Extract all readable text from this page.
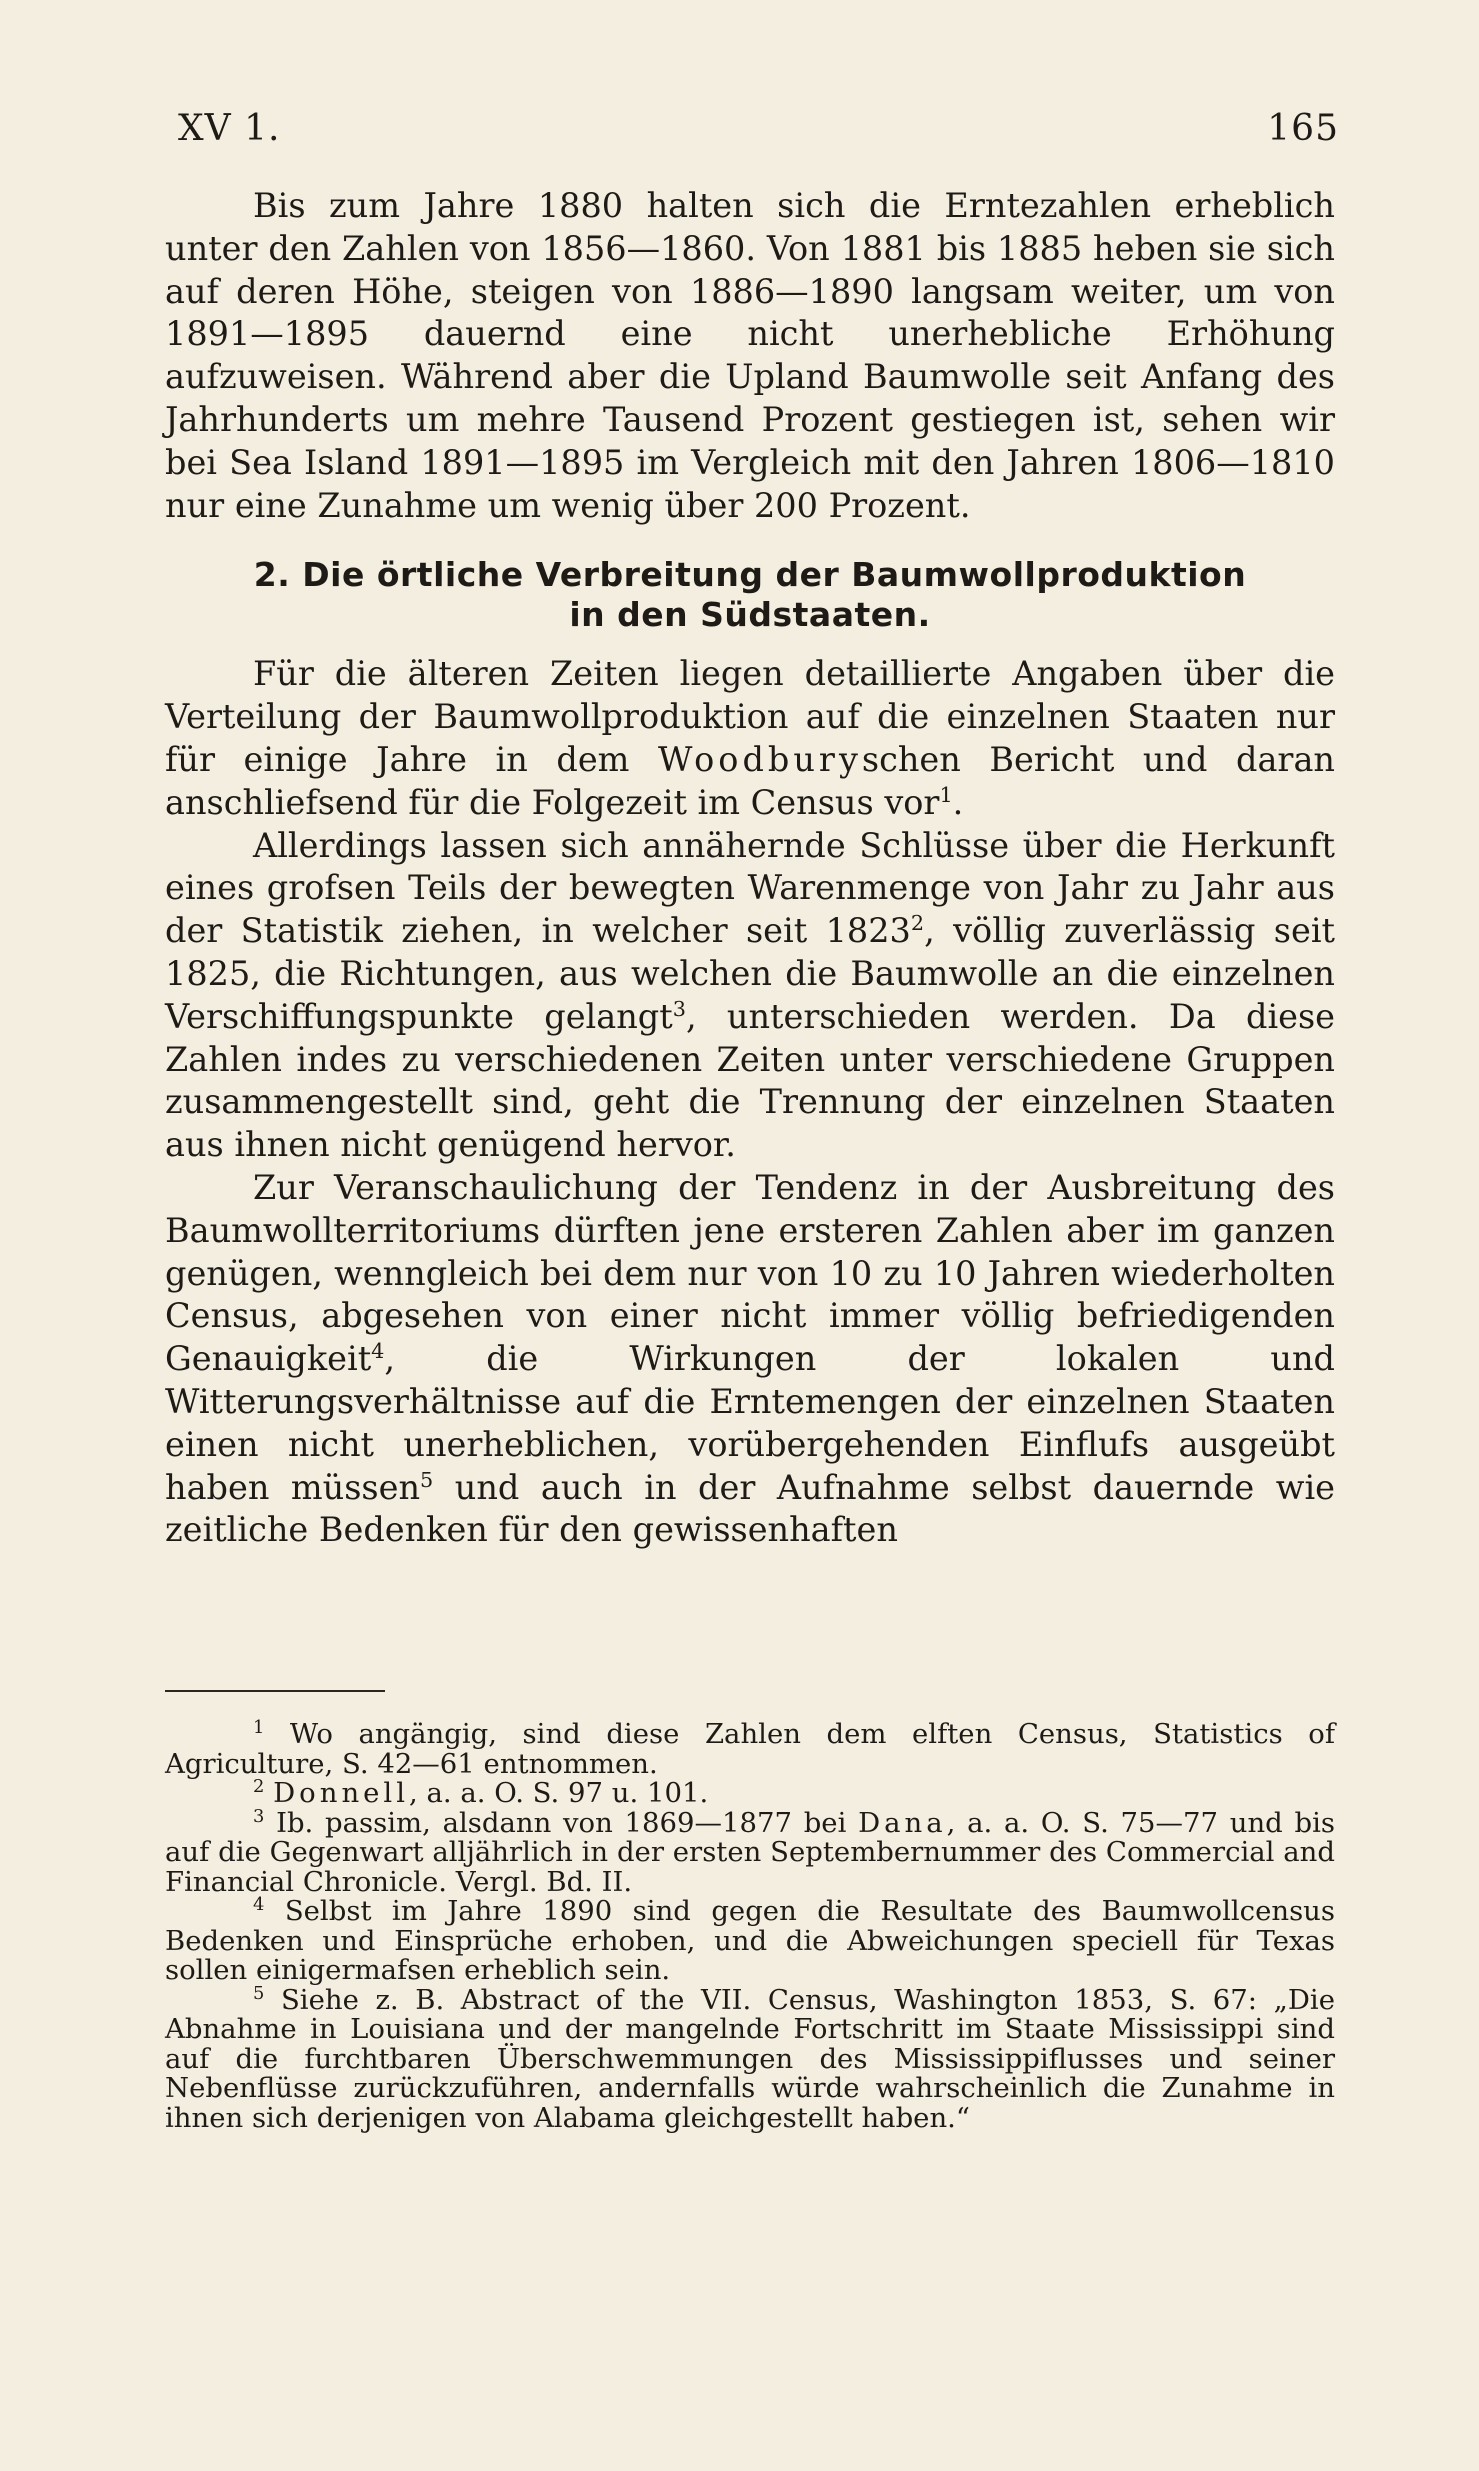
XV 1.	165

Bis zum Jahre 1880 halten sich die Erntezahlen erheblich unter den Zahlen von 1856—1860. Von 1881 bis 1885 heben sie sich auf deren Höhe, steigen von 1886—1890 langsam weiter, um von 1891—1895 dauernd eine nicht unerhebliche Erhöhung aufzuweisen. Während aber die Upland Baumwolle seit Anfang des Jahrhunderts um mehre Tausend Prozent gestiegen ist, sehen wir bei Sea Island 1891—1895 im Vergleich mit den Jahren 1806—1810 nur eine Zunahme um wenig über 200 Prozent.

2. Die örtliche Verbreitung der Baumwollproduktion
in den Südstaaten.

Für die älteren Zeiten liegen detaillierte Angaben über die Verteilung der Baumwollproduktion auf die einzelnen Staaten nur für einige Jahre in dem Woodburyschen Bericht und daran anschliefsend für die Folgezeit im Census vor$^1$.

Allerdings lassen sich annähernde Schlüsse über die Herkunft eines grofsen Teils der bewegten Warenmenge von Jahr zu Jahr aus der Statistik ziehen, in welcher seit 1823$^2$, völlig zuverlässig seit 1825, die Richtungen, aus welchen die Baumwolle an die einzelnen Verschiffungspunkte gelangt$^3$, unterschieden werden. Da diese Zahlen indes zu verschiedenen Zeiten unter verschiedene Gruppen zusammengestellt sind, geht die Trennung der einzelnen Staaten aus ihnen nicht genügend hervor.

Zur Veranschaulichung der Tendenz in der Ausbreitung des Baumwollterritoriums dürften jene ersteren Zahlen aber im ganzen genügen, wenngleich bei dem nur von 10 zu 10 Jahren wiederholten Census, abgesehen von einer nicht immer völlig befriedigenden Genauigkeit$^4$, die Wirkungen der lokalen und Witterungsverhältnisse auf die Erntemengen der einzelnen Staaten einen nicht unerheblichen, vorübergehenden Einflufs ausgeübt haben müssen$^5$ und auch in der Aufnahme selbst dauernde wie zeitliche Bedenken für den gewissenhaften

$^1$ Wo angängig, sind diese Zahlen dem elften Census, Statistics of Agriculture, S. 42—61 entnommen.

$^2$ Donnell, a. a. O. S. 97 u. 101.

$^3$ Ib. passim, alsdann von 1869—1877 bei Dana, a. a. O. S. 75—77 und bis auf die Gegenwart alljährlich in der ersten Septembernummer des Commercial and Financial Chronicle. Vergl. Bd. II.

$^4$ Selbst im Jahre 1890 sind gegen die Resultate des Baumwollcensus Bedenken und Einsprüche erhoben, und die Abweichungen speciell für Texas sollen einigermafsen erheblich sein.

$^5$ Siehe z. B. Abstract of the VII. Census, Washington 1853, S. 67: „Die Abnahme in Louisiana und der mangelnde Fortschritt im Staate Mississippi sind auf die furchtbaren Überschwemmungen des Mississippiflusses und seiner Nebenflüsse zurückzuführen, andernfalls würde wahrscheinlich die Zunahme in ihnen sich derjenigen von Alabama gleichgestellt haben.“
